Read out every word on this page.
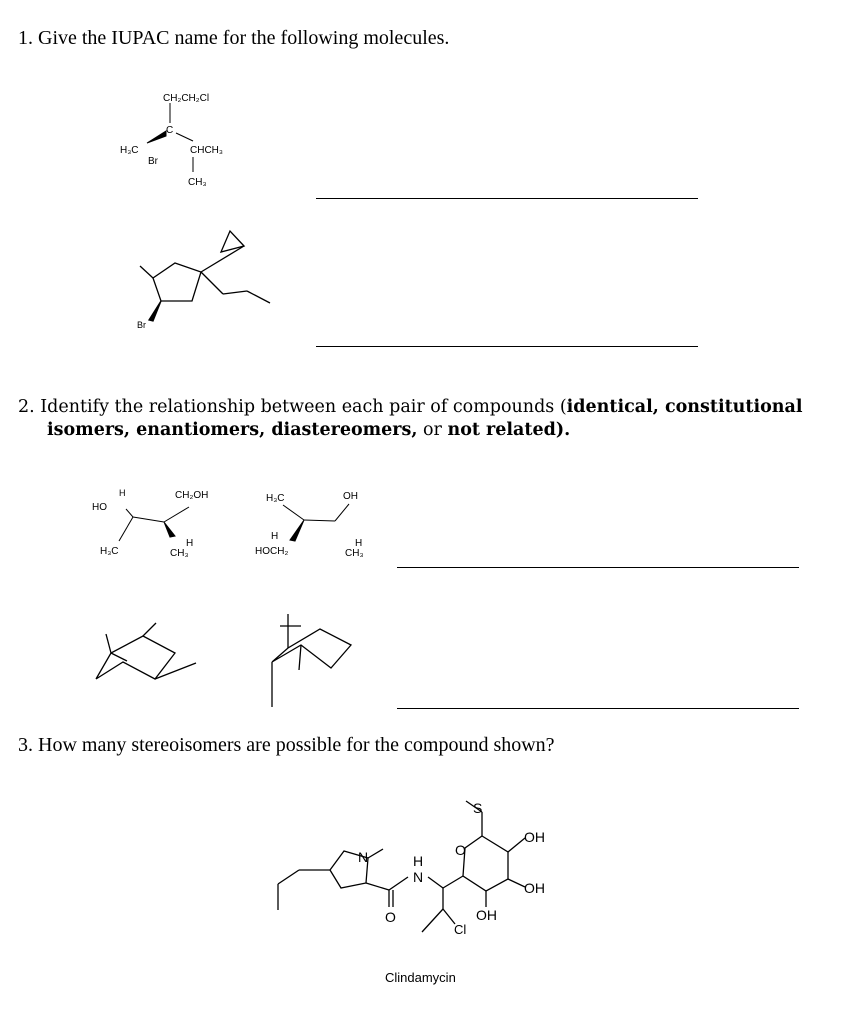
1. Give the IUPAC name for the following molecules.
CH₂CH₂Cl
H₃C
C
Br
CHCH₃
CH₃
Br
H
HO
H₃C
CH₂OH
H
CH₃
H₃C	OH
H
HOCH₂
H
CH₃
S
O
OH
N	H
N
OH
O
Cl
OH
2. Identify the relationship between each pair of compounds (identical, constitutional
isomers, enantiomers, diastereomers, or not related).
3. How many stereoisomers are possible for the compound shown?
Clindamycin
